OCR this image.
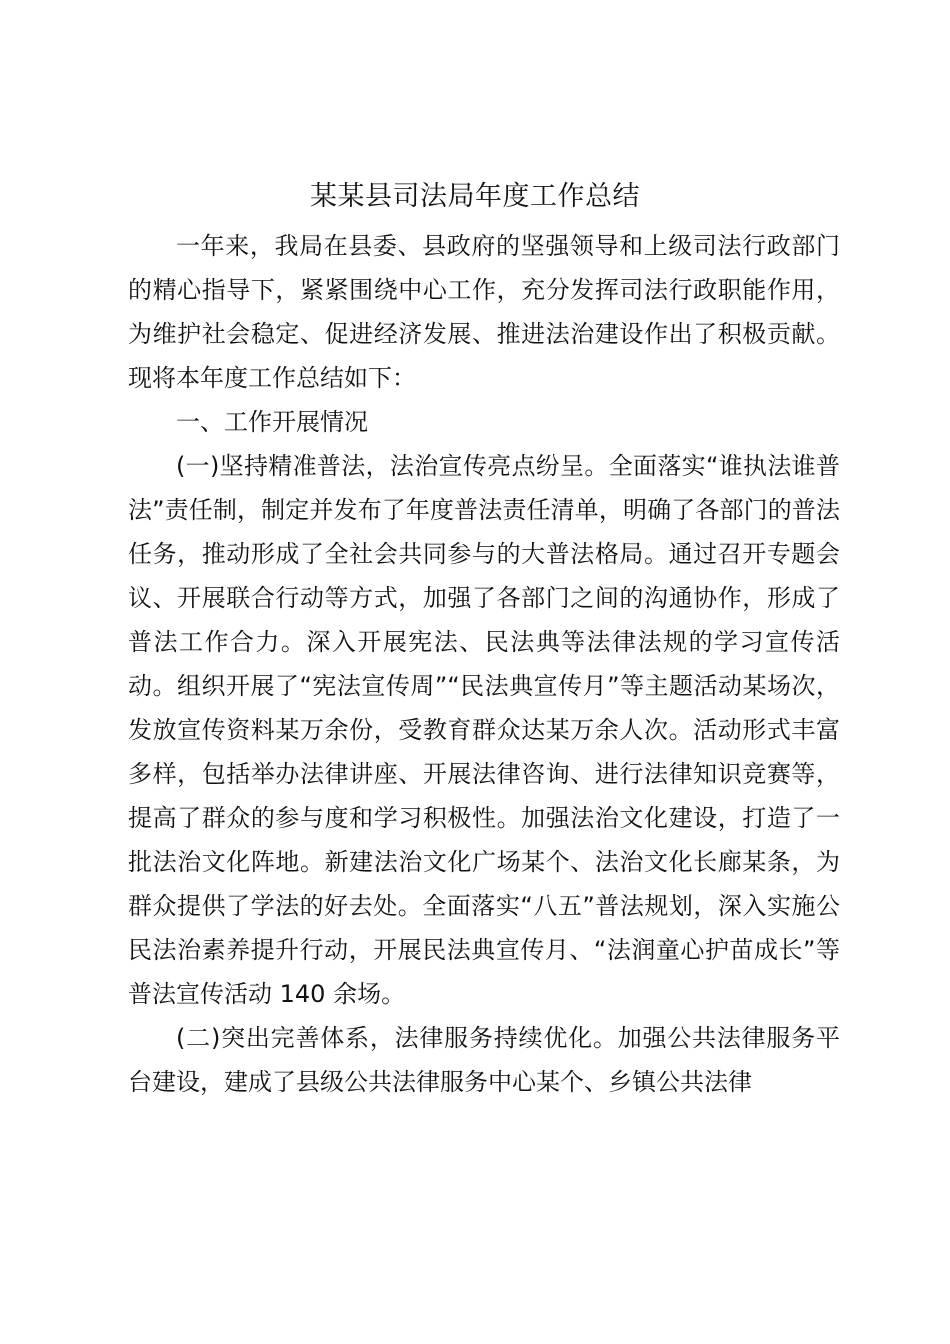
某某县司法局年度工作总结

一年来，我局在县委、县政府的坚强领导和上级司法行政部门的精心指导下，紧紧围绕中心工作，充分发挥司法行政职能作用，为维护社会稳定、促进经济发展、推进法治建设作出了积极贡献。现将本年度工作总结如下：

一、工作开展情况

(一)坚持精准普法，法治宣传亮点纷呈。全面落实“谁执法谁普法”责任制，制定并发布了年度普法责任清单，明确了各部门的普法任务，推动形成了全社会共同参与的大普法格局。通过召开专题会议、开展联合行动等方式，加强了各部门之间的沟通协作，形成了普法工作合力。深入开展宪法、民法典等法律法规的学习宣传活动。组织开展了“宪法宣传周”“民法典宣传月”等主题活动某场次，发放宣传资料某万余份，受教育群众达某万余人次。活动形式丰富多样，包括举办法律讲座、开展法律咨询、进行法律知识竞赛等，提高了群众的参与度和学习积极性。加强法治文化建设，打造了一批法治文化阵地。新建法治文化广场某个、法治文化长廊某条，为群众提供了学法的好去处。全面落实“八五”普法规划，深入实施公民法治素养提升行动，开展民法典宣传月、“法润童心护苗成长”等普法宣传活动 140 余场。

(二)突出完善体系，法律服务持续优化。加强公共法律服务平台建设，建成了县级公共法律服务中心某个、乡镇公共法律
